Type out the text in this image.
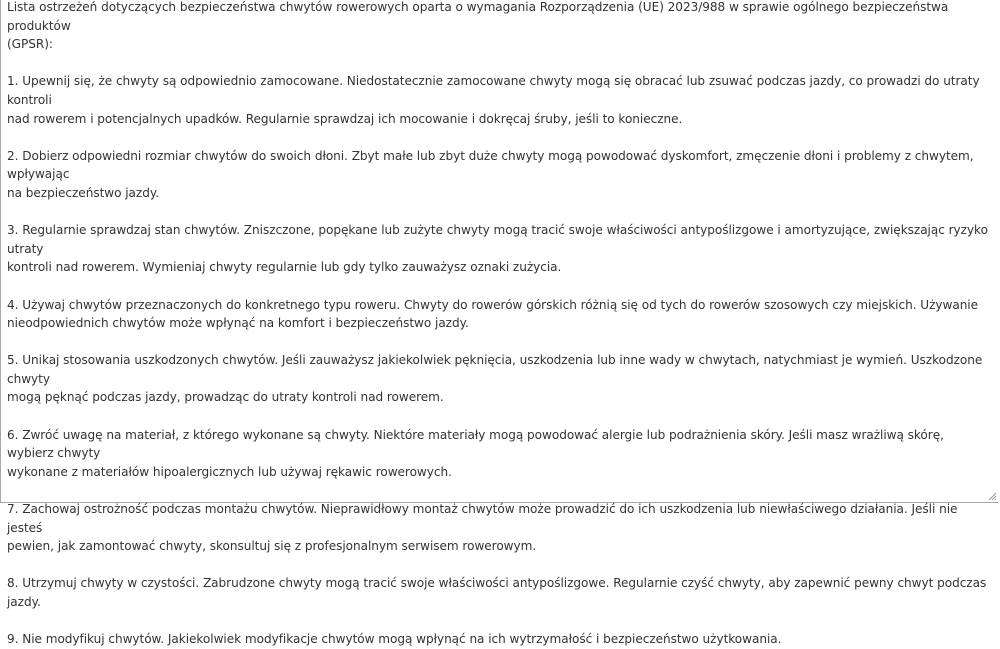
Lista ostrzeżeń dotyczących bezpieczeństwa chwytów rowerowych oparta o wymagania Rozporządzenia (UE) 2023/988 w sprawie ogólnego bezpieczeństwa produktów
(GPSR):
1. Upewnij się, że chwyty są odpowiednio zamocowane. Niedostatecznie zamocowane chwyty mogą się obracać lub zsuwać podczas jazdy, co prowadzi do utraty kontroli
nad rowerem i potencjalnych upadków. Regularnie sprawdzaj ich mocowanie i dokręcaj śruby, jeśli to konieczne.
2. Dobierz odpowiedni rozmiar chwytów do swoich dłoni. Zbyt małe lub zbyt duże chwyty mogą powodować dyskomfort, zmęczenie dłoni i problemy z chwytem, wpływając
na bezpieczeństwo jazdy.
3. Regularnie sprawdzaj stan chwytów. Zniszczone, popękane lub zużyte chwyty mogą tracić swoje właściwości antypoślizgowe i amortyzujące, zwiększając ryzyko utraty
kontroli nad rowerem. Wymieniaj chwyty regularnie lub gdy tylko zauważysz oznaki zużycia.
4. Używaj chwytów przeznaczonych do konkretnego typu roweru. Chwyty do rowerów górskich różnią się od tych do rowerów szosowych czy miejskich. Używanie
nieodpowiednich chwytów może wpłynąć na komfort i bezpieczeństwo jazdy.
5. Unikaj stosowania uszkodzonych chwytów. Jeśli zauważysz jakiekolwiek pęknięcia, uszkodzenia lub inne wady w chwytach, natychmiast je wymień. Uszkodzone chwyty
mogą pęknąć podczas jazdy, prowadząc do utraty kontroli nad rowerem.
6. Zwróć uwagę na materiał, z którego wykonane są chwyty. Niektóre materiały mogą powodować alergie lub podrażnienia skóry. Jeśli masz wrażliwą skórę, wybierz chwyty
wykonane z materiałów hipoalergicznych lub używaj rękawic rowerowych.
7. Zachowaj ostrożność podczas montażu chwytów. Nieprawidłowy montaż chwytów może prowadzić do ich uszkodzenia lub niewłaściwego działania. Jeśli nie jesteś
pewien, jak zamontować chwyty, skonsultuj się z profesjonalnym serwisem rowerowym.
8. Utrzymuj chwyty w czystości. Zabrudzone chwyty mogą tracić swoje właściwości antypoślizgowe. Regularnie czyść chwyty, aby zapewnić pewny chwyt podczas jazdy.
9. Nie modyfikuj chwytów. Jakiekolwiek modyfikacje chwytów mogą wpłynąć na ich wytrzymałość i bezpieczeństwo użytkowania.
